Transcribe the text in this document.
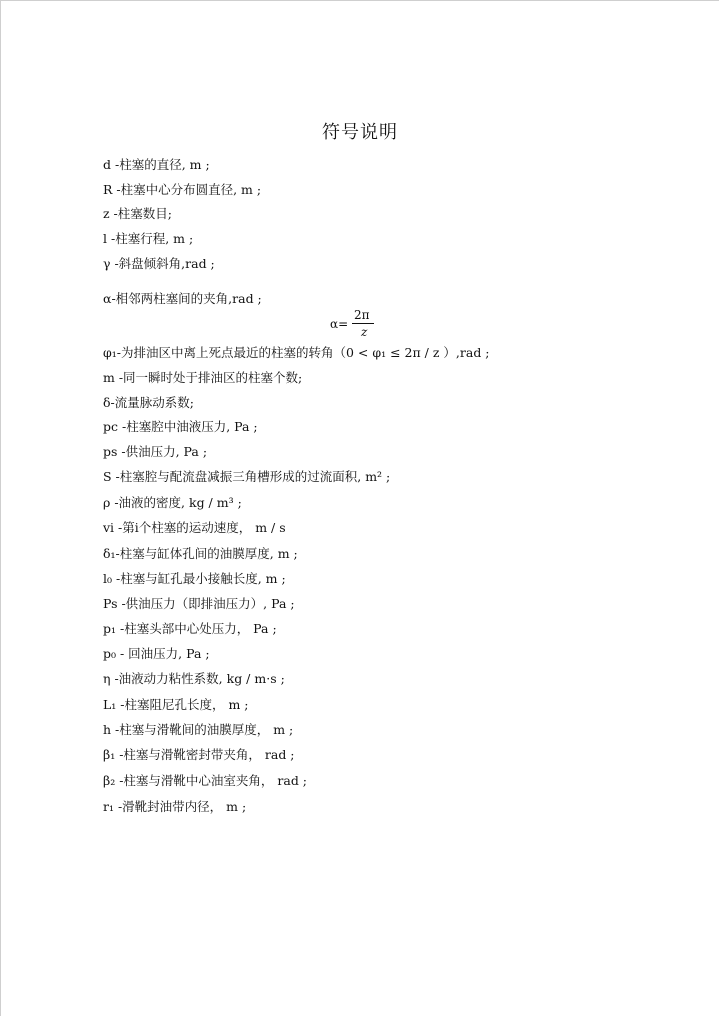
符号说明
d -柱塞的直径, m ;
R -柱塞中心分布圆直径, m ;
z -柱塞数目;
l -柱塞行程, m ;
γ -斜盘倾斜角,rad ;
α-相邻两柱塞间的夹角,rad ;
α=
2π
z
φ₁-为排油区中离上死点最近的柱塞的转角（0 < φ₁ ≤ 2π / z ）,rad ;
m -同一瞬时处于排油区的柱塞个数;
δ-流量脉动系数;
pc -柱塞腔中油液压力, Pa ;
ps -供油压力, Pa ;
S -柱塞腔与配流盘减振三角槽形成的过流面积, m² ;
ρ -油液的密度, kg / m³ ;
vi -第i个柱塞的运动速度， m / s
δ₁-柱塞与缸体孔间的油膜厚度, m ;
l₀ -柱塞与缸孔最小接触长度, m ;
Ps -供油压力（即排油压力）, Pa ;
p₁ -柱塞头部中心处压力， Pa ;
p₀ - 回油压力, Pa ;
η -油液动力粘性系数, kg / m·s ;
L₁ -柱塞阻尼孔长度， m ;
h -柱塞与滑靴间的油膜厚度， m ;
β₁ -柱塞与滑靴密封带夹角， rad ;
β₂ -柱塞与滑靴中心油室夹角， rad ;
r₁ -滑靴封油带内径， m ;
